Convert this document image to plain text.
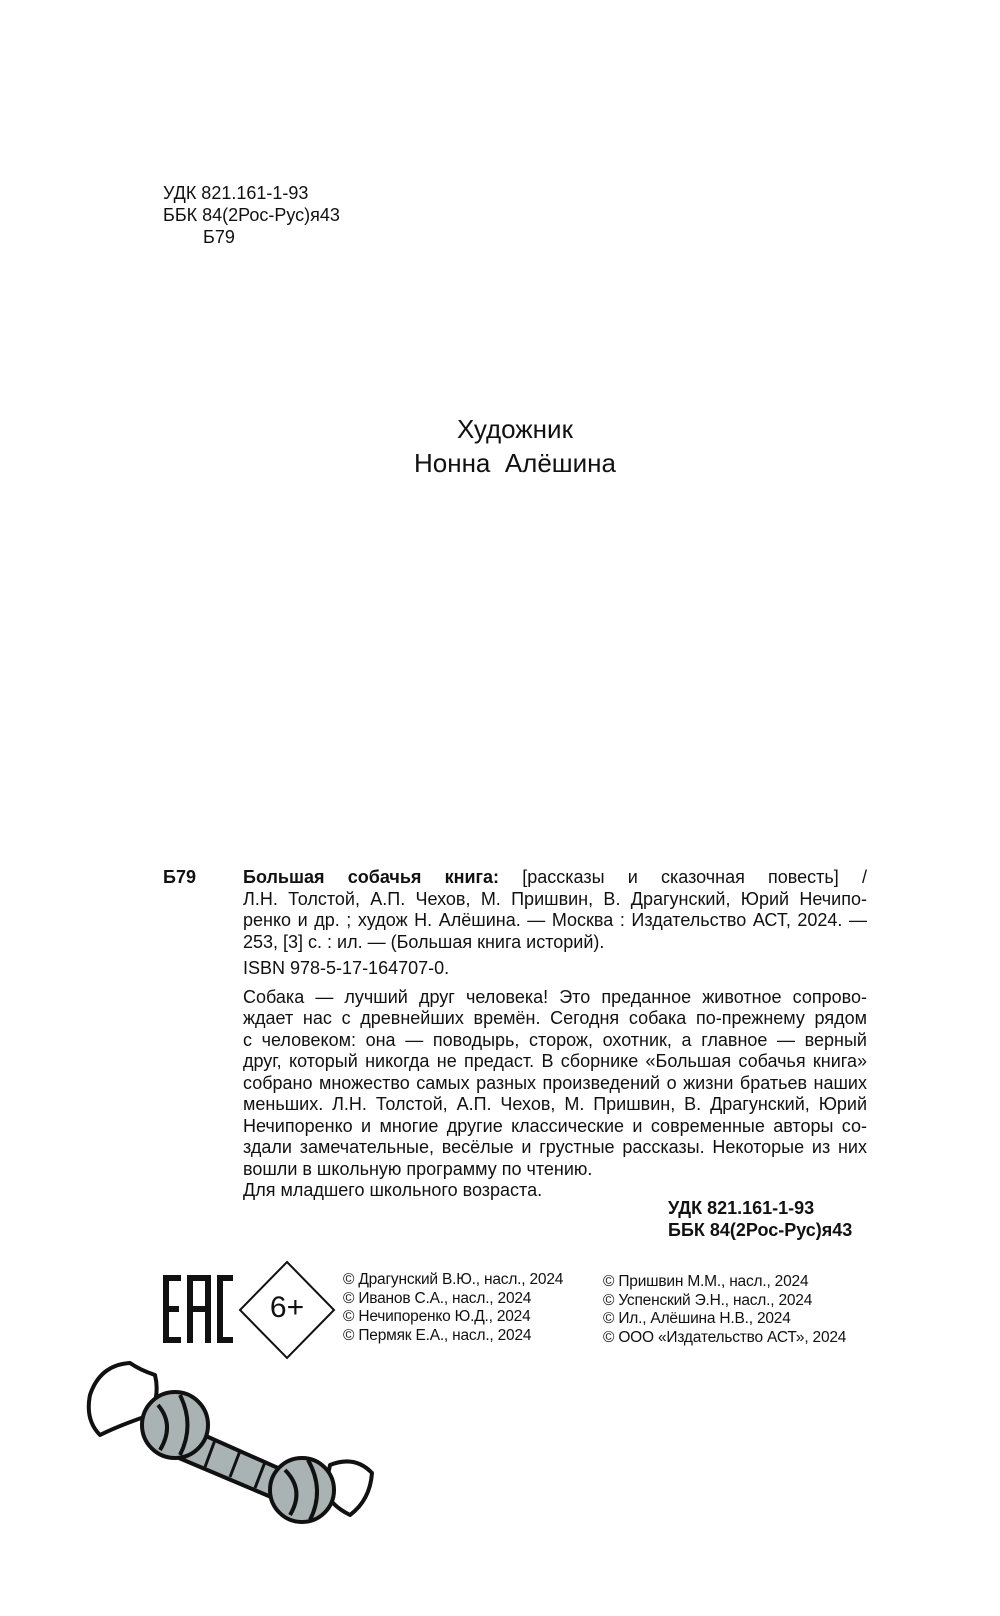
УДК 821.161-1-93
ББК 84(2Рос-Рус)я43
Б79
Художник
Нонна  Алёшина
Б79	Большая собачья книга: [рассказы и сказочная повесть] /
Л.Н. Толстой, А.П. Чехов, М. Пришвин, В. Драгунский, Юрий Нечипо-
ренко и др. ; худож Н. Алёшина. — Москва : Издательство АСТ, 2024. —
253, [3] с. : ил. — (Большая книга историй).
ISBN 978-5-17-164707-0.
Собака — лучший друг человека! Это преданное животное сопрово-
ждает нас с древнейших времён. Сегодня собака по-прежнему рядом
с человеком: она — поводырь, сторож, охотник, а главное — верный
друг, который никогда не предаст. В сборнике «Большая собачья книга»
собрано множество самых разных произведений о жизни братьев наших
меньших. Л.Н. Толстой, А.П. Чехов, М. Пришвин, В. Драгунский, Юрий
Нечипоренко и многие другие классические и современные авторы со-
здали замечательные, весёлые и грустные рассказы. Некоторые из них
вошли в школьную программу по чтению.
Для младшего школьного возраста.
УДК 821.161-1-93
ББК 84(2Рос-Рус)я43
6+
© Драгунский В.Ю., насл., 2024
© Иванов С.А., насл., 2024
© Нечипоренко Ю.Д., 2024
© Пермяк Е.А., насл., 2024
© Пришвин М.М., насл., 2024
© Успенский Э.Н., насл., 2024
© Ил., Алёшина Н.В., 2024
© ООО «Издательство АСТ», 2024
